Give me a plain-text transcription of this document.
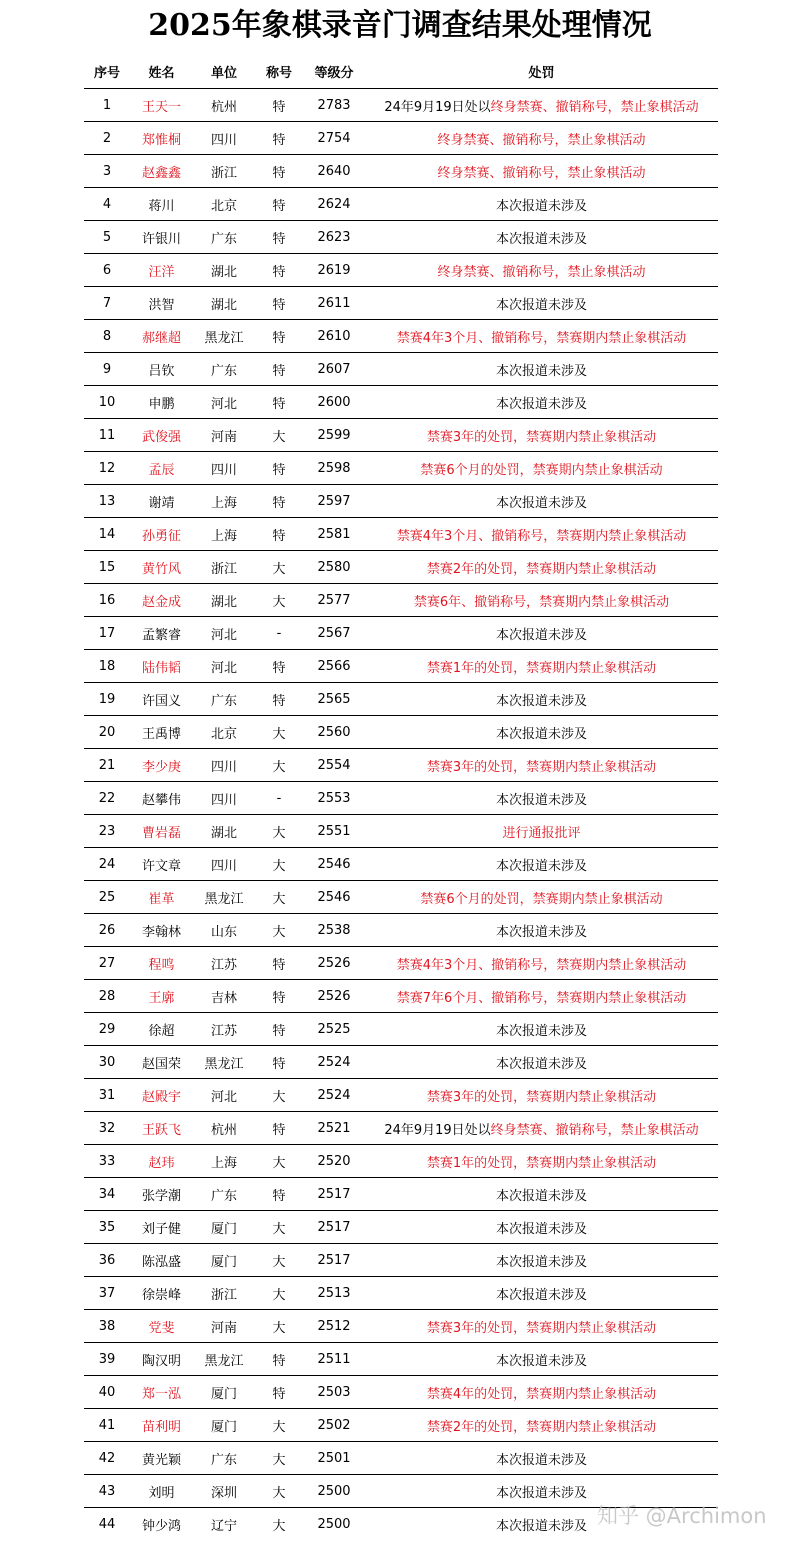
2025年象棋录音门调查结果处理情况
序号	姓名	单位	称号	等级分	处罚
1	王天一	杭州	特	2783	24年9月19日处以终身禁赛、撤销称号，禁止象棋活动
2	郑惟桐	四川	特	2754	终身禁赛、撤销称号，禁止象棋活动
3	赵鑫鑫	浙江	特	2640	终身禁赛、撤销称号，禁止象棋活动
4	蒋川	北京	特	2624	本次报道未涉及
5	许银川	广东	特	2623	本次报道未涉及
6	汪洋	湖北	特	2619	终身禁赛、撤销称号，禁止象棋活动
7	洪智	湖北	特	2611	本次报道未涉及
8	郝继超	黑龙江	特	2610	禁赛4年3个月、撤销称号，禁赛期内禁止象棋活动
9	吕钦	广东	特	2607	本次报道未涉及
10	申鹏	河北	特	2600	本次报道未涉及
11	武俊强	河南	大	2599	禁赛3年的处罚，禁赛期内禁止象棋活动
12	孟辰	四川	特	2598	禁赛6个月的处罚，禁赛期内禁止象棋活动
13	谢靖	上海	特	2597	本次报道未涉及
14	孙勇征	上海	特	2581	禁赛4年3个月、撤销称号，禁赛期内禁止象棋活动
15	黄竹风	浙江	大	2580	禁赛2年的处罚，禁赛期内禁止象棋活动
16	赵金成	湖北	大	2577	禁赛6年、撤销称号，禁赛期内禁止象棋活动
17	孟繁睿	河北	-	2567	本次报道未涉及
18	陆伟韬	河北	特	2566	禁赛1年的处罚，禁赛期内禁止象棋活动
19	许国义	广东	特	2565	本次报道未涉及
20	王禹博	北京	大	2560	本次报道未涉及
21	李少庚	四川	大	2554	禁赛3年的处罚，禁赛期内禁止象棋活动
22	赵攀伟	四川	-	2553	本次报道未涉及
23	曹岩磊	湖北	大	2551	进行通报批评
24	许文章	四川	大	2546	本次报道未涉及
25	崔革	黑龙江	大	2546	禁赛6个月的处罚，禁赛期内禁止象棋活动
26	李翰林	山东	大	2538	本次报道未涉及
27	程鸣	江苏	特	2526	禁赛4年3个月、撤销称号，禁赛期内禁止象棋活动
28	王廓	吉林	特	2526	禁赛7年6个月、撤销称号，禁赛期内禁止象棋活动
29	徐超	江苏	特	2525	本次报道未涉及
30	赵国荣	黑龙江	特	2524	本次报道未涉及
31	赵殿宇	河北	大	2524	禁赛3年的处罚，禁赛期内禁止象棋活动
32	王跃飞	杭州	特	2521	24年9月19日处以终身禁赛、撤销称号，禁止象棋活动
33	赵玮	上海	大	2520	禁赛1年的处罚，禁赛期内禁止象棋活动
34	张学潮	广东	特	2517	本次报道未涉及
35	刘子健	厦门	大	2517	本次报道未涉及
36	陈泓盛	厦门	大	2517	本次报道未涉及
37	徐崇峰	浙江	大	2513	本次报道未涉及
38	党斐	河南	大	2512	禁赛3年的处罚，禁赛期内禁止象棋活动
39	陶汉明	黑龙江	特	2511	本次报道未涉及
40	郑一泓	厦门	特	2503	禁赛4年的处罚，禁赛期内禁止象棋活动
41	苗利明	厦门	大	2502	禁赛2年的处罚，禁赛期内禁止象棋活动
42	黄光颖	广东	大	2501	本次报道未涉及
43	刘明	深圳	大	2500	本次报道未涉及
44	钟少鸿	辽宁	大	2500	本次报道未涉及 知乎 @Archimon
